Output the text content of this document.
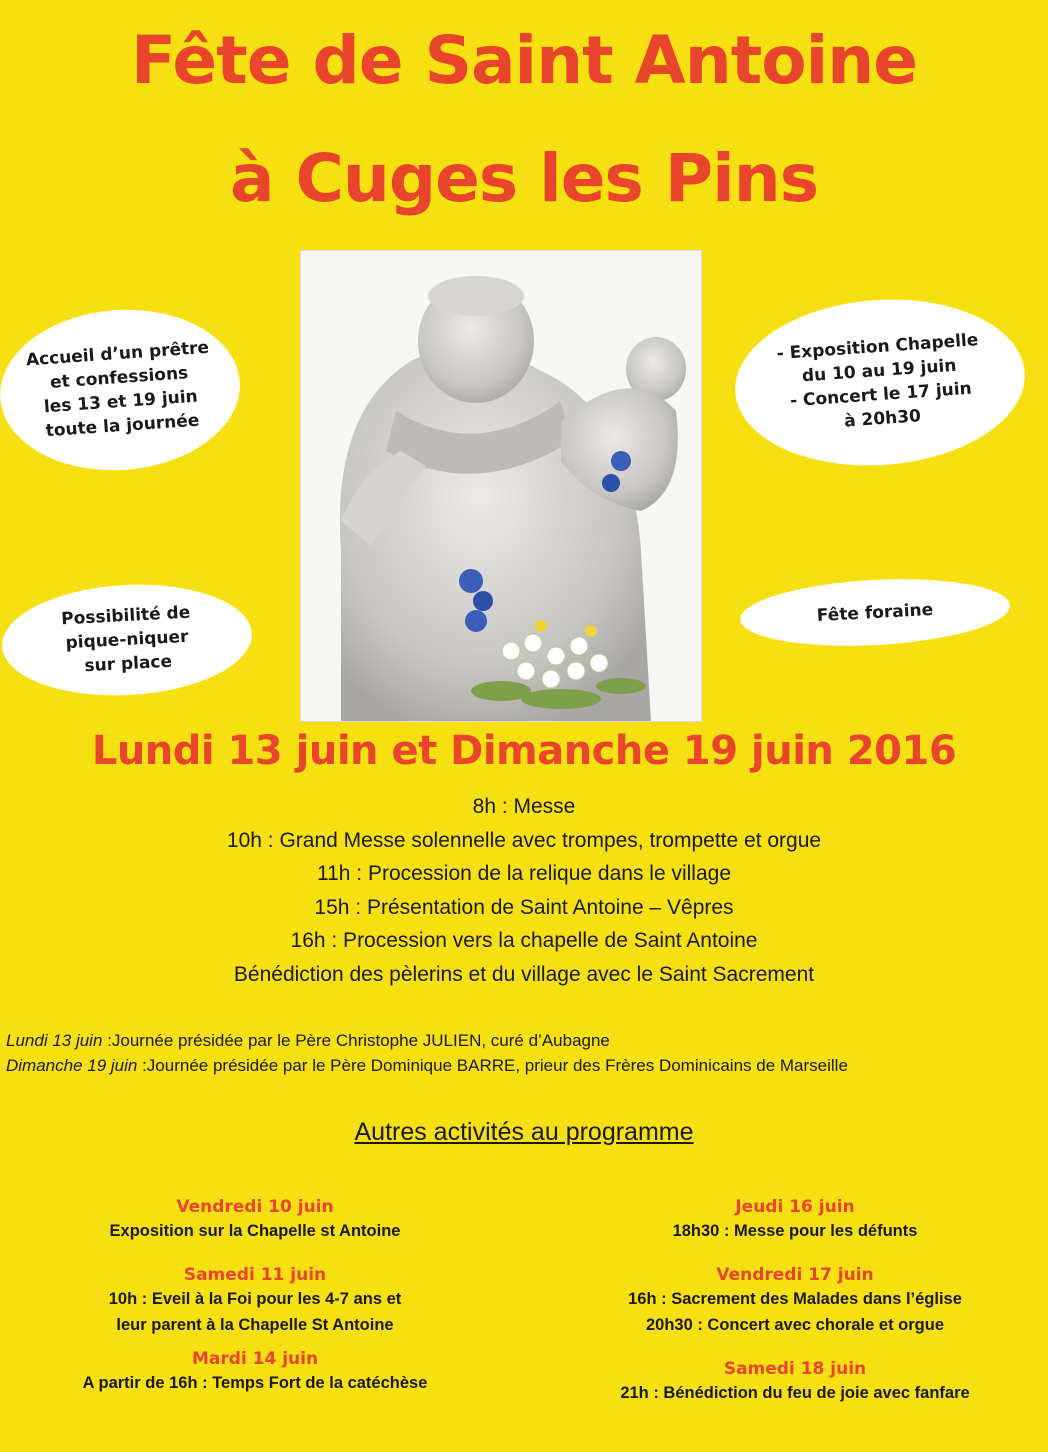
Fête de Saint Antoine
à Cuges les Pins
Accueil d’un prêtre
et confessions
les 13 et 19 juin
toute la journée
- Exposition Chapelle
du 10 au 19 juin
- Concert le 17 juin
à 20h30
Possibilité de
pique-niquer
sur place
Fête foraine
Lundi 13 juin et Dimanche 19 juin 2016
8h : Messe
10h : Grand Messe solennelle avec trompes, trompette et orgue
11h : Procession de la relique dans le village
15h : Présentation de Saint Antoine – Vêpres
16h : Procession vers la chapelle de Saint Antoine
Bénédiction des pèlerins et du village avec le Saint Sacrement

Lundi 13 juin :Journée présidée par le Père Christophe JULIEN, curé d’Aubagne

Dimanche 19 juin :Journée présidée par le Père Dominique BARRE, prieur des Frères Dominicains de Marseille

Autres activités au programme
Vendredi 10 juin
Exposition sur la Chapelle st Antoine
Samedi 11 juin
10h : Eveil à la Foi pour les 4-7 ans et
leur parent à la Chapelle St Antoine
Mardi 14 juin
A partir de 16h : Temps Fort de la catéchèse
Jeudi 16 juin
18h30 : Messe pour les défunts
Vendredi 17 juin
16h : Sacrement des Malades dans l’église
20h30 : Concert avec chorale et orgue
Samedi 18 juin
21h : Bénédiction du feu de joie avec fanfare
